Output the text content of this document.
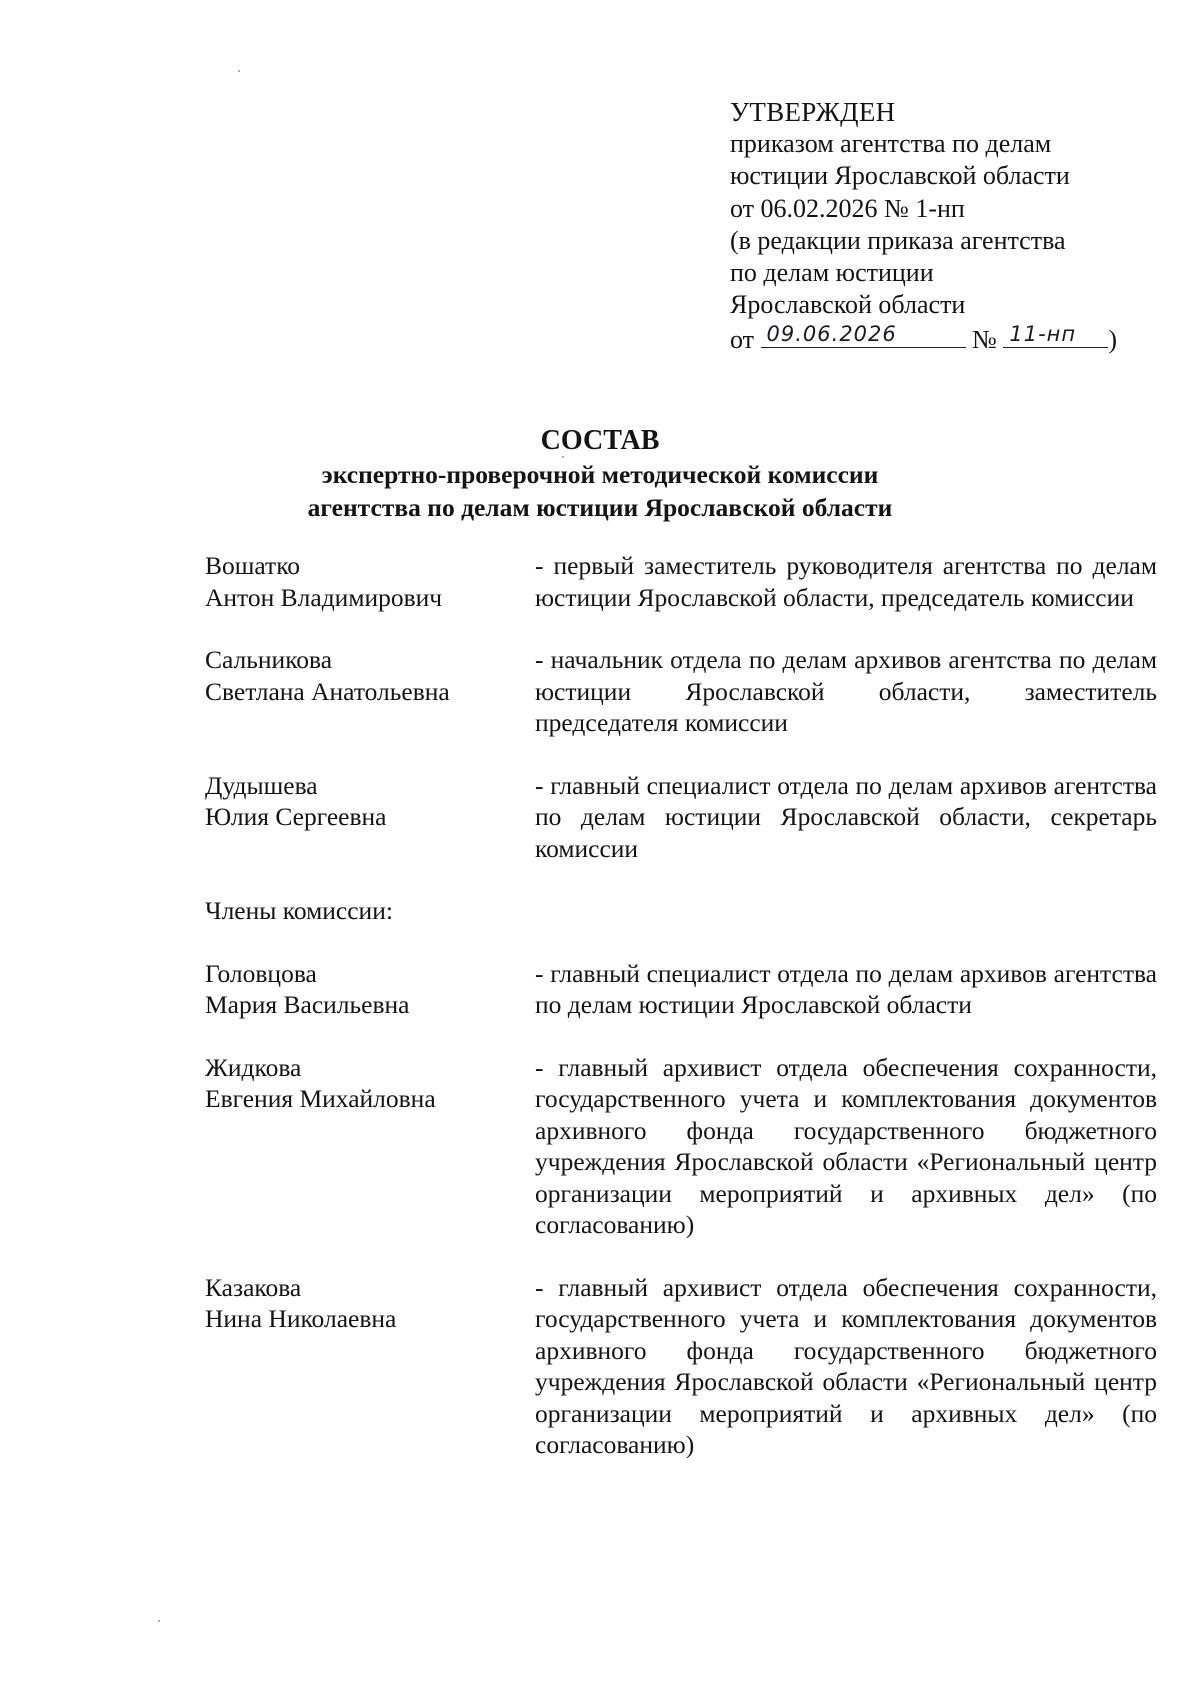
УТВЕРЖДЕН
приказом агентства по делам
юстиции Ярославской области
от 06.02.2026 № 1-нп
(в редакции приказа агентства
по делам юстиции
Ярославской области
от 09.06.2026	№ 11-нп )
СОСТАВ
экспертно-проверочной методической комиссии
агентства по делам юстиции Ярославской области
Вошатко
Антон Владимирович
- первый заместитель руководителя агентства по делам юстиции Ярославской области, председатель комиссии
Сальникова
Светлана Анатольевна
- начальник отдела по делам архивов агентства по делам юстиции Ярославской области, заместитель председателя комиссии
Дудышева
Юлия Сергеевна
- главный специалист отдела по делам архивов агентства по делам юстиции Ярославской области, секретарь комиссии
Члены комиссии:
Головцова
Мария Васильевна
- главный специалист отдела по делам архивов агентства по делам юстиции Ярославской области
Жидкова
Евгения Михайловна
- главный архивист отдела обеспечения сохранности, государственного учета и комплектования документов архивного фонда государственного бюджетного учреждения Ярославской области «Региональный центр организации мероприятий и архивных дел» (по согласованию)
Казакова
Нина Николаевна
- главный архивист отдела обеспечения сохранности, государственного учета и комплектования документов архивного фонда государственного бюджетного учреждения Ярославской области «Региональный центр организации мероприятий и архивных дел» (по согласованию)
